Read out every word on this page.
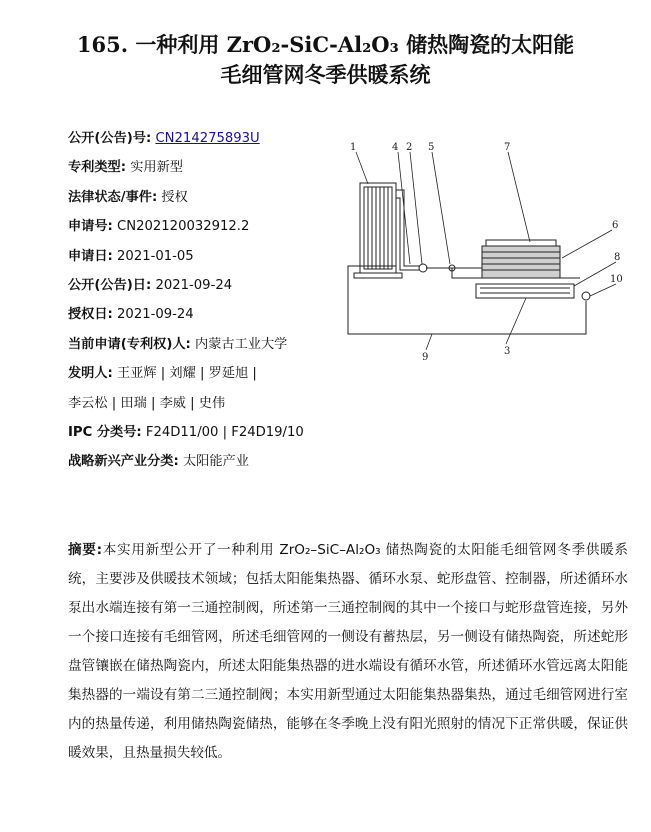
165. 一种利用 ZrO₂-SiC-Al₂O₃ 储热陶瓷的太阳能
毛细管网冬季供暖系统
公开(公告)号: CN214275893U
专利类型: 实用新型
法律状态/事件: 授权
申请号: CN202120032912.2
申请日: 2021-01-05
公开(公告)日: 2021-09-24
授权日: 2021-09-24
当前申请(专利权)人: 内蒙古工业大学
发明人: 王亚辉 | 刘耀 | 罗延旭 |
李云松 | 田瑞 | 李威 | 史伟
IPC 分类号: F24D11/00 | F24D19/10
战略新兴产业分类: 太阳能产业
1	4 2 5	7
6
8
10
3
9
摘要:本实用新型公开了一种利用 ZrO₂–SiC–Al₂O₃ 储热陶瓷的太阳能毛细管网冬季供暖系统，主要涉及供暖技术领域；包括太阳能集热器、循环水泵、蛇形盘管、控制器，所述循环水泵出水端连接有第一三通控制阀，所述第一三通控制阀的其中一个接口与蛇形盘管连接，另外一个接口连接有毛细管网，所述毛细管网的一侧设有蓄热层，另一侧设有储热陶瓷，所述蛇形盘管镶嵌在储热陶瓷内，所述太阳能集热器的进水端设有循环水管，所述循环水管远离太阳能集热器的一端设有第二三通控制阀；本实用新型通过太阳能集热器集热，通过毛细管网进行室内的热量传递，利用储热陶瓷储热，能够在冬季晚上没有阳光照射的情况下正常供暖，保证供暖效果，且热量损失较低。
